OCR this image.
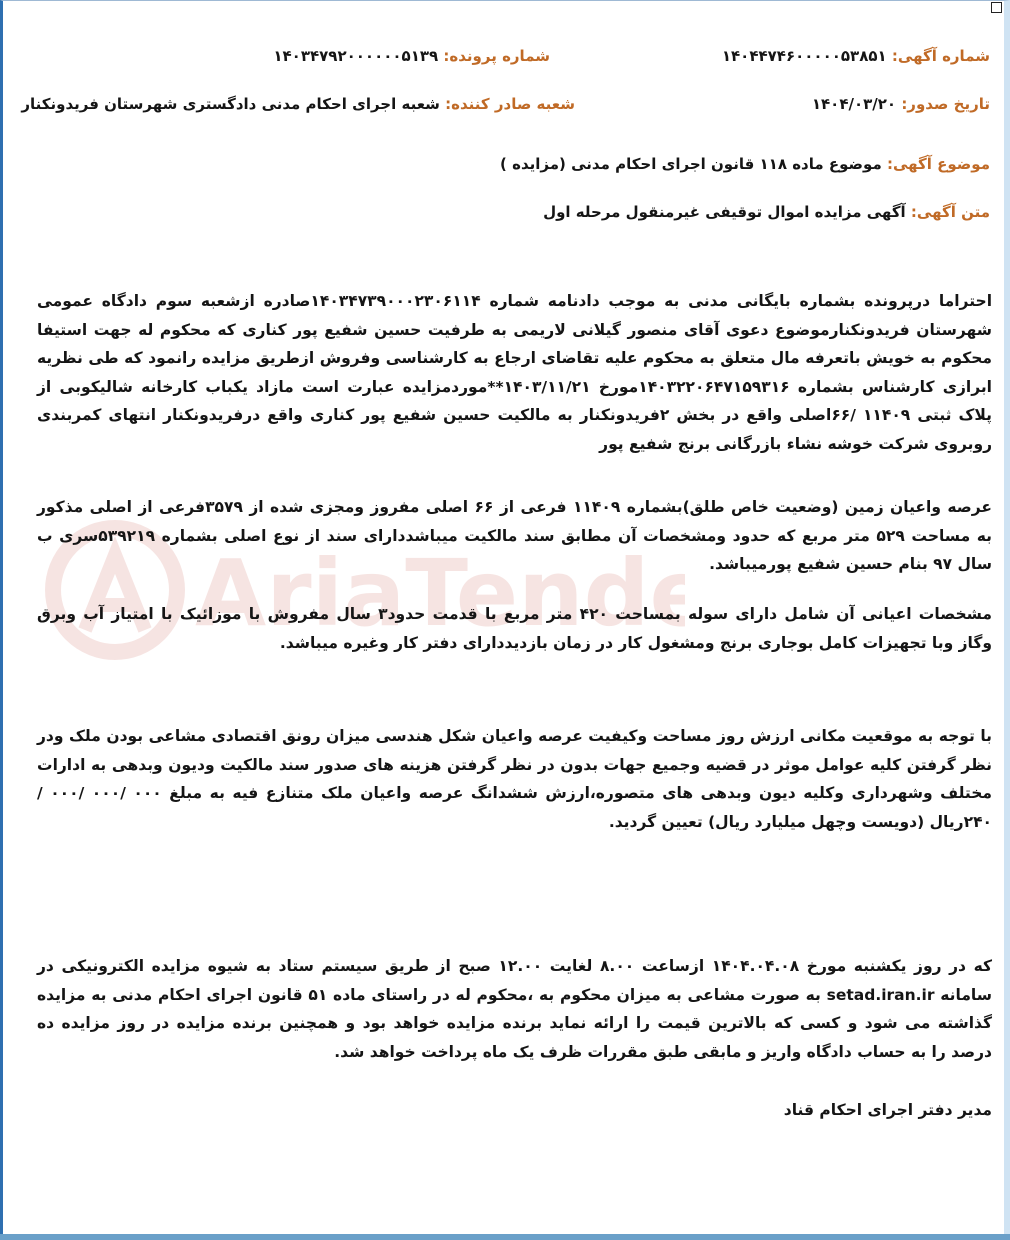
شماره آگهی: ۱۴۰۴۴۷۴۶۰۰۰۰۰۵۳۸۵۱
شماره پرونده: ۱۴۰۳۴۷۹۲۰۰۰۰۰۰۵۱۳۹
تاریخ صدور: ۱۴۰۴/۰۳/۲۰
شعبه صادر کننده: شعبه اجرای احکام مدنی دادگستری شهرستان فریدونکنار
موضوع آگهی: موضوع ماده ۱۱۸ قانون اجرای احکام مدنی (مزایده )
متن آگهی: آگهی مزایده اموال توقیفی غیرمنقول مرحله اول

احتراما درپرونده بشماره بایگانی مدنی به موجب دادنامه شماره ۱۴۰۳۴۷۳۹۰۰۰۲۳۰۶۱۱۴صادره ازشعبه سوم دادگاه عمومی شهرستان فریدونکنارموضوع دعوی آقای منصور گیلانی لاریمی به طرفیت حسین شفیع پور کناری که محکوم له جهت استیفا محکوم به خویش باتعرفه مال متعلق به محکوم علیه تقاضای ارجاع به کارشناسی وفروش ازطریق مزایده رانمود که طی نظریه ابرازی کارشناس بشماره ۱۴۰۳۲۲۰۶۴۷۱۵۹۳۱۶مورخ ۱۴۰۳/۱۱/۲۱**موردمزایده عبارت است مازاد یکباب کارخانه شالیکوبی از پلاک ثبتی ۱۱۴۰۹ /۶۶اصلی واقع در بخش ۲فریدونکنار به مالکیت حسین شفیع پور کناری واقع درفریدونکنار انتهای کمربندی روبروی شرکت خوشه نشاء بازرگانی برنج شفیع پور

عرصه واعیان زمین (وضعیت خاص طلق)بشماره ۱۱۴۰۹ فرعی از ۶۶ اصلی مفروز ومجزی شده از ۳۵۷۹فرعی از اصلی مذکور به مساحت ۵۲۹ متر مربع که حدود ومشخصات آن مطابق سند مالکیت میباشددارای سند از نوع اصلی بشماره ۵۳۹۲۱۹سری ب سال ۹۷ بنام حسین شفیع پورمیباشد.

مشخصات اعیانی آن شامل دارای سوله بمساحت ۴۲۰ متر مربع با قدمت حدود۳ سال مفروش با موزائیک با امتیاز آب وبرق وگاز وبا تجهیزات کامل بوجاری برنج ومشغول کار در زمان بازدیددارای دفتر کار وغیره میباشد.

با توجه به موقعیت مکانی ارزش روز مساحت وکیفیت عرصه واعیان شکل هندسی میزان رونق اقتصادی مشاعی بودن ملک ودر نظر گرفتن کلیه عوامل موثر در قضیه وجمیع جهات بدون در نظر گرفتن هزینه های صدور سند مالکیت ودیون وبدهی به ادارات مختلف وشهرداری وکلیه دیون وبدهی های متصوره،ارزش ششدانگ عرصه واعیان ملک متنازع فیه به مبلغ ۰۰۰ /۰۰۰ /۰۰۰ /۲۴۰ریال (دویست وچهل میلیارد ریال) تعیین گردید.

که در روز یکشنبه مورخ ۱۴۰۴.۰۴.۰۸ ازساعت ۸.۰۰ لغایت ۱۲.۰۰ صبح از طریق سیستم ستاد به شیوه مزایده الکترونیکی در سامانه setad.iran.ir به صورت مشاعی به میزان محکوم به ،محکوم له در راستای ماده ۵۱ قانون اجرای احکام مدنی به مزایده گذاشته می شود و کسی که بالاترین قیمت را ارائه نماید برنده مزایده خواهد بود و همچنین برنده مزایده در روز مزایده ده درصد را به حساب دادگاه واریز و مابقی طبق مقررات ظرف یک ماه پرداخت خواهد شد.

مدیر دفتر اجرای احکام قناد
